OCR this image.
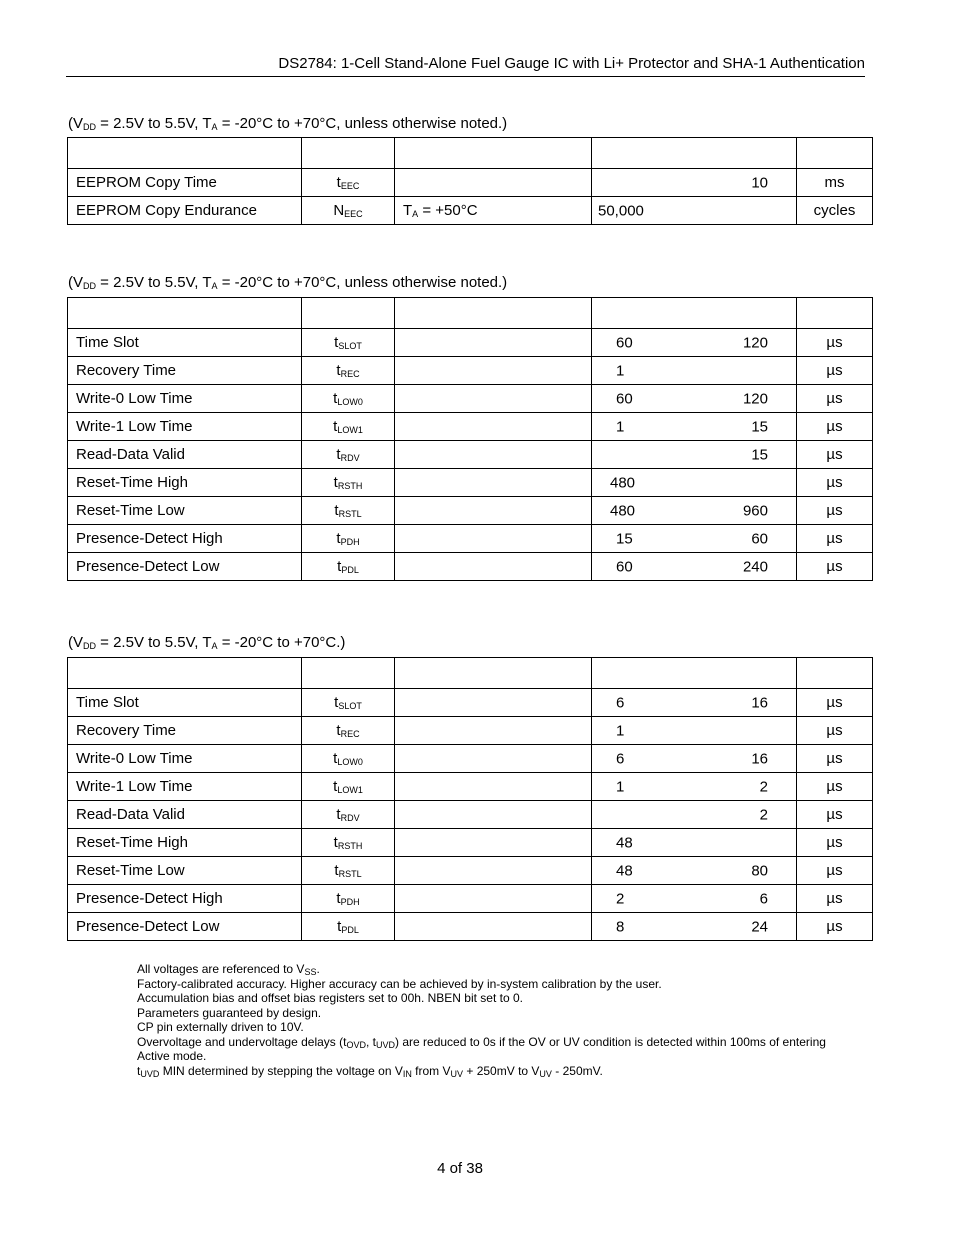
DS2784: 1-Cell Stand-Alone Fuel Gauge IC with Li+ Protector and SHA-1 Authentication
($V_{DD} = 2.5V$ to 5.5V, $T_A = -20^\circ C$ to +70°C, unless otherwise noted.)

EEPROM Copy Time	$t_{EEC}$		10	ms
EEPROM Copy Endurance	$N_{EEC}$	$T_A = +50^\circ C$	50,000	cycles
($V_{DD} = 2.5V$ to 5.5V, $T_A = -20^\circ C$ to +70°C, unless otherwise noted.)

Time Slot	$t_{SLOT}$		60 120	µs
Recovery Time	$t_{REC}$		1	µs
Write-0 Low Time	$t_{LOW0}$		60 120	µs
Write-1 Low Time	$t_{LOW1}$		1 15	µs
Read-Data Valid	$t_{RDV}$		15	µs
Reset-Time High	$t_{RSTH}$		480	µs
Reset-Time Low	$t_{RSTL}$		480 960	µs
Presence-Detect High	$t_{PDH}$		15 60	µs
Presence-Detect Low	$t_{PDL}$		60 240	µs
($V_{DD} = 2.5V$ to 5.5V, $T_A = -20^\circ C$ to +70°C.)

Time Slot	$t_{SLOT}$		6 16	µs
Recovery Time	$t_{REC}$		1	µs
Write-0 Low Time	$t_{LOW0}$		6 16	µs
Write-1 Low Time	$t_{LOW1}$		1 2	µs
Read-Data Valid	$t_{RDV}$		2	µs
Reset-Time High	$t_{RSTH}$		48	µs
Reset-Time Low	$t_{RSTL}$		48 80	µs
Presence-Detect High	$t_{PDH}$		2 6	µs
Presence-Detect Low	$t_{PDL}$		8 24	µs

All voltages are referenced to $V_{SS}$.

Factory-calibrated accuracy. Higher accuracy can be achieved by in-system calibration by the user.

Accumulation bias and offset bias registers set to 00h. NBEN bit set to 0.

Parameters guaranteed by design.

CP pin externally driven to 10V.

Overvoltage and undervoltage delays ($t_{OVD}$, $t_{UVD}$) are reduced to 0s if the OV or UV condition is detected within 100ms of entering Active mode.

$t_{UVD}$ MIN determined by stepping the voltage on $V_{IN}$ from $V_{UV} + 250mV$ to $V_{UV} - 250mV$.

4 of 38
